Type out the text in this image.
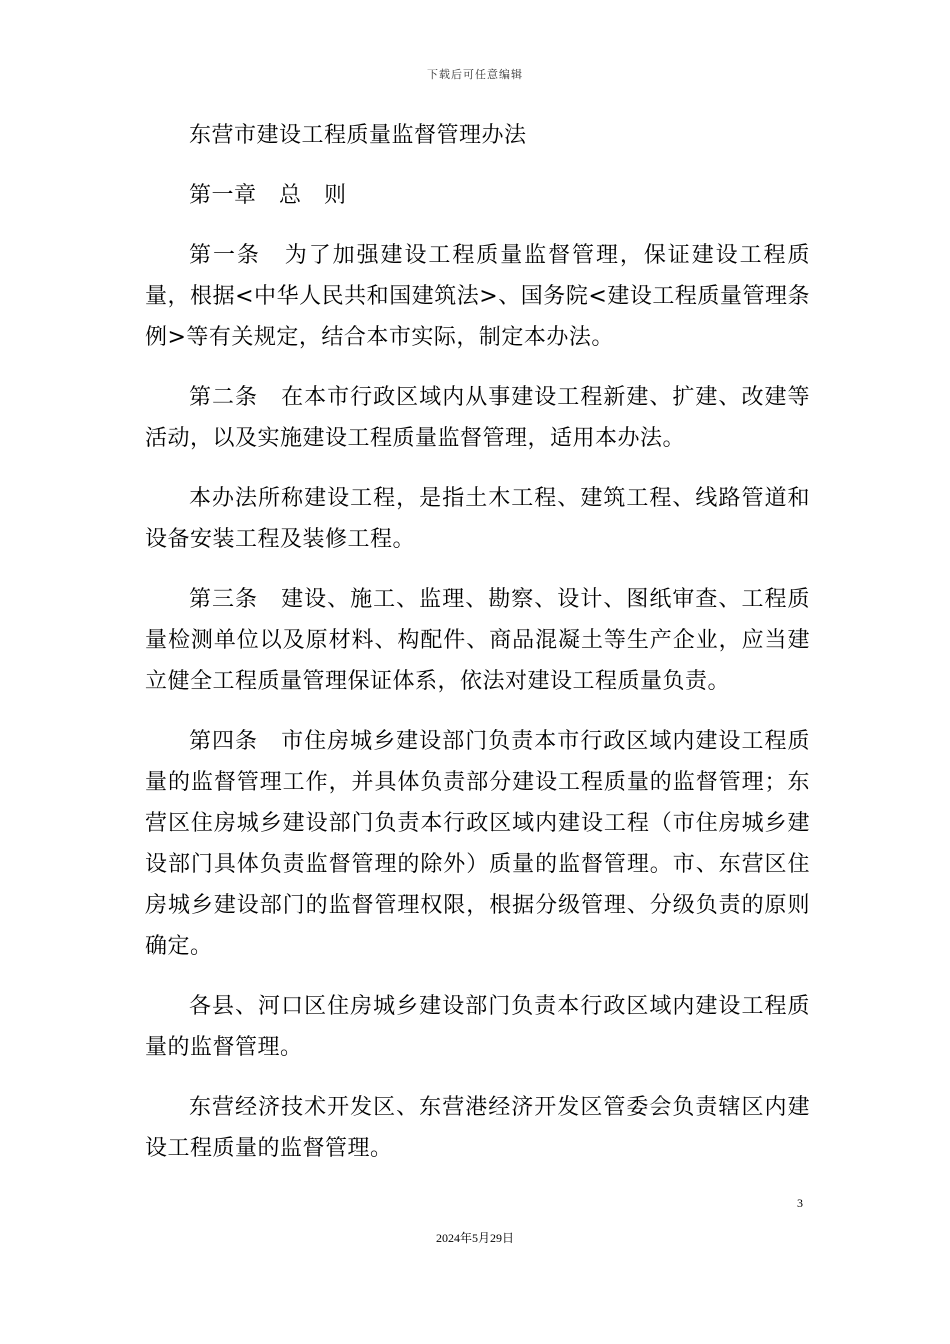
下载后可任意编辑

东营市建设工程质量监督管理办法

第一章　总　则

第一条　为了加强建设工程质量监督管理，保证建设工程质量，根据<中华人民共和国建筑法>、国务院<建设工程质量管理条例>等有关规定，结合本市实际，制定本办法。

第二条　在本市行政区域内从事建设工程新建、扩建、改建等活动，以及实施建设工程质量监督管理，适用本办法。

本办法所称建设工程，是指土木工程、建筑工程、线路管道和设备安装工程及装修工程。

第三条　建设、施工、监理、勘察、设计、图纸审查、工程质量检测单位以及原材料、构配件、商品混凝土等生产企业，应当建立健全工程质量管理保证体系，依法对建设工程质量负责。

第四条　市住房城乡建设部门负责本市行政区域内建设工程质量的监督管理工作，并具体负责部分建设工程质量的监督管理；东营区住房城乡建设部门负责本行政区域内建设工程（市住房城乡建设部门具体负责监督管理的除外）质量的监督管理。市、东营区住房城乡建设部门的监督管理权限，根据分级管理、分级负责的原则确定。

各县、河口区住房城乡建设部门负责本行政区域内建设工程质量的监督管理。

东营经济技术开发区、东营港经济开发区管委会负责辖区内建设工程质量的监督管理。

3
2024年5月29日
